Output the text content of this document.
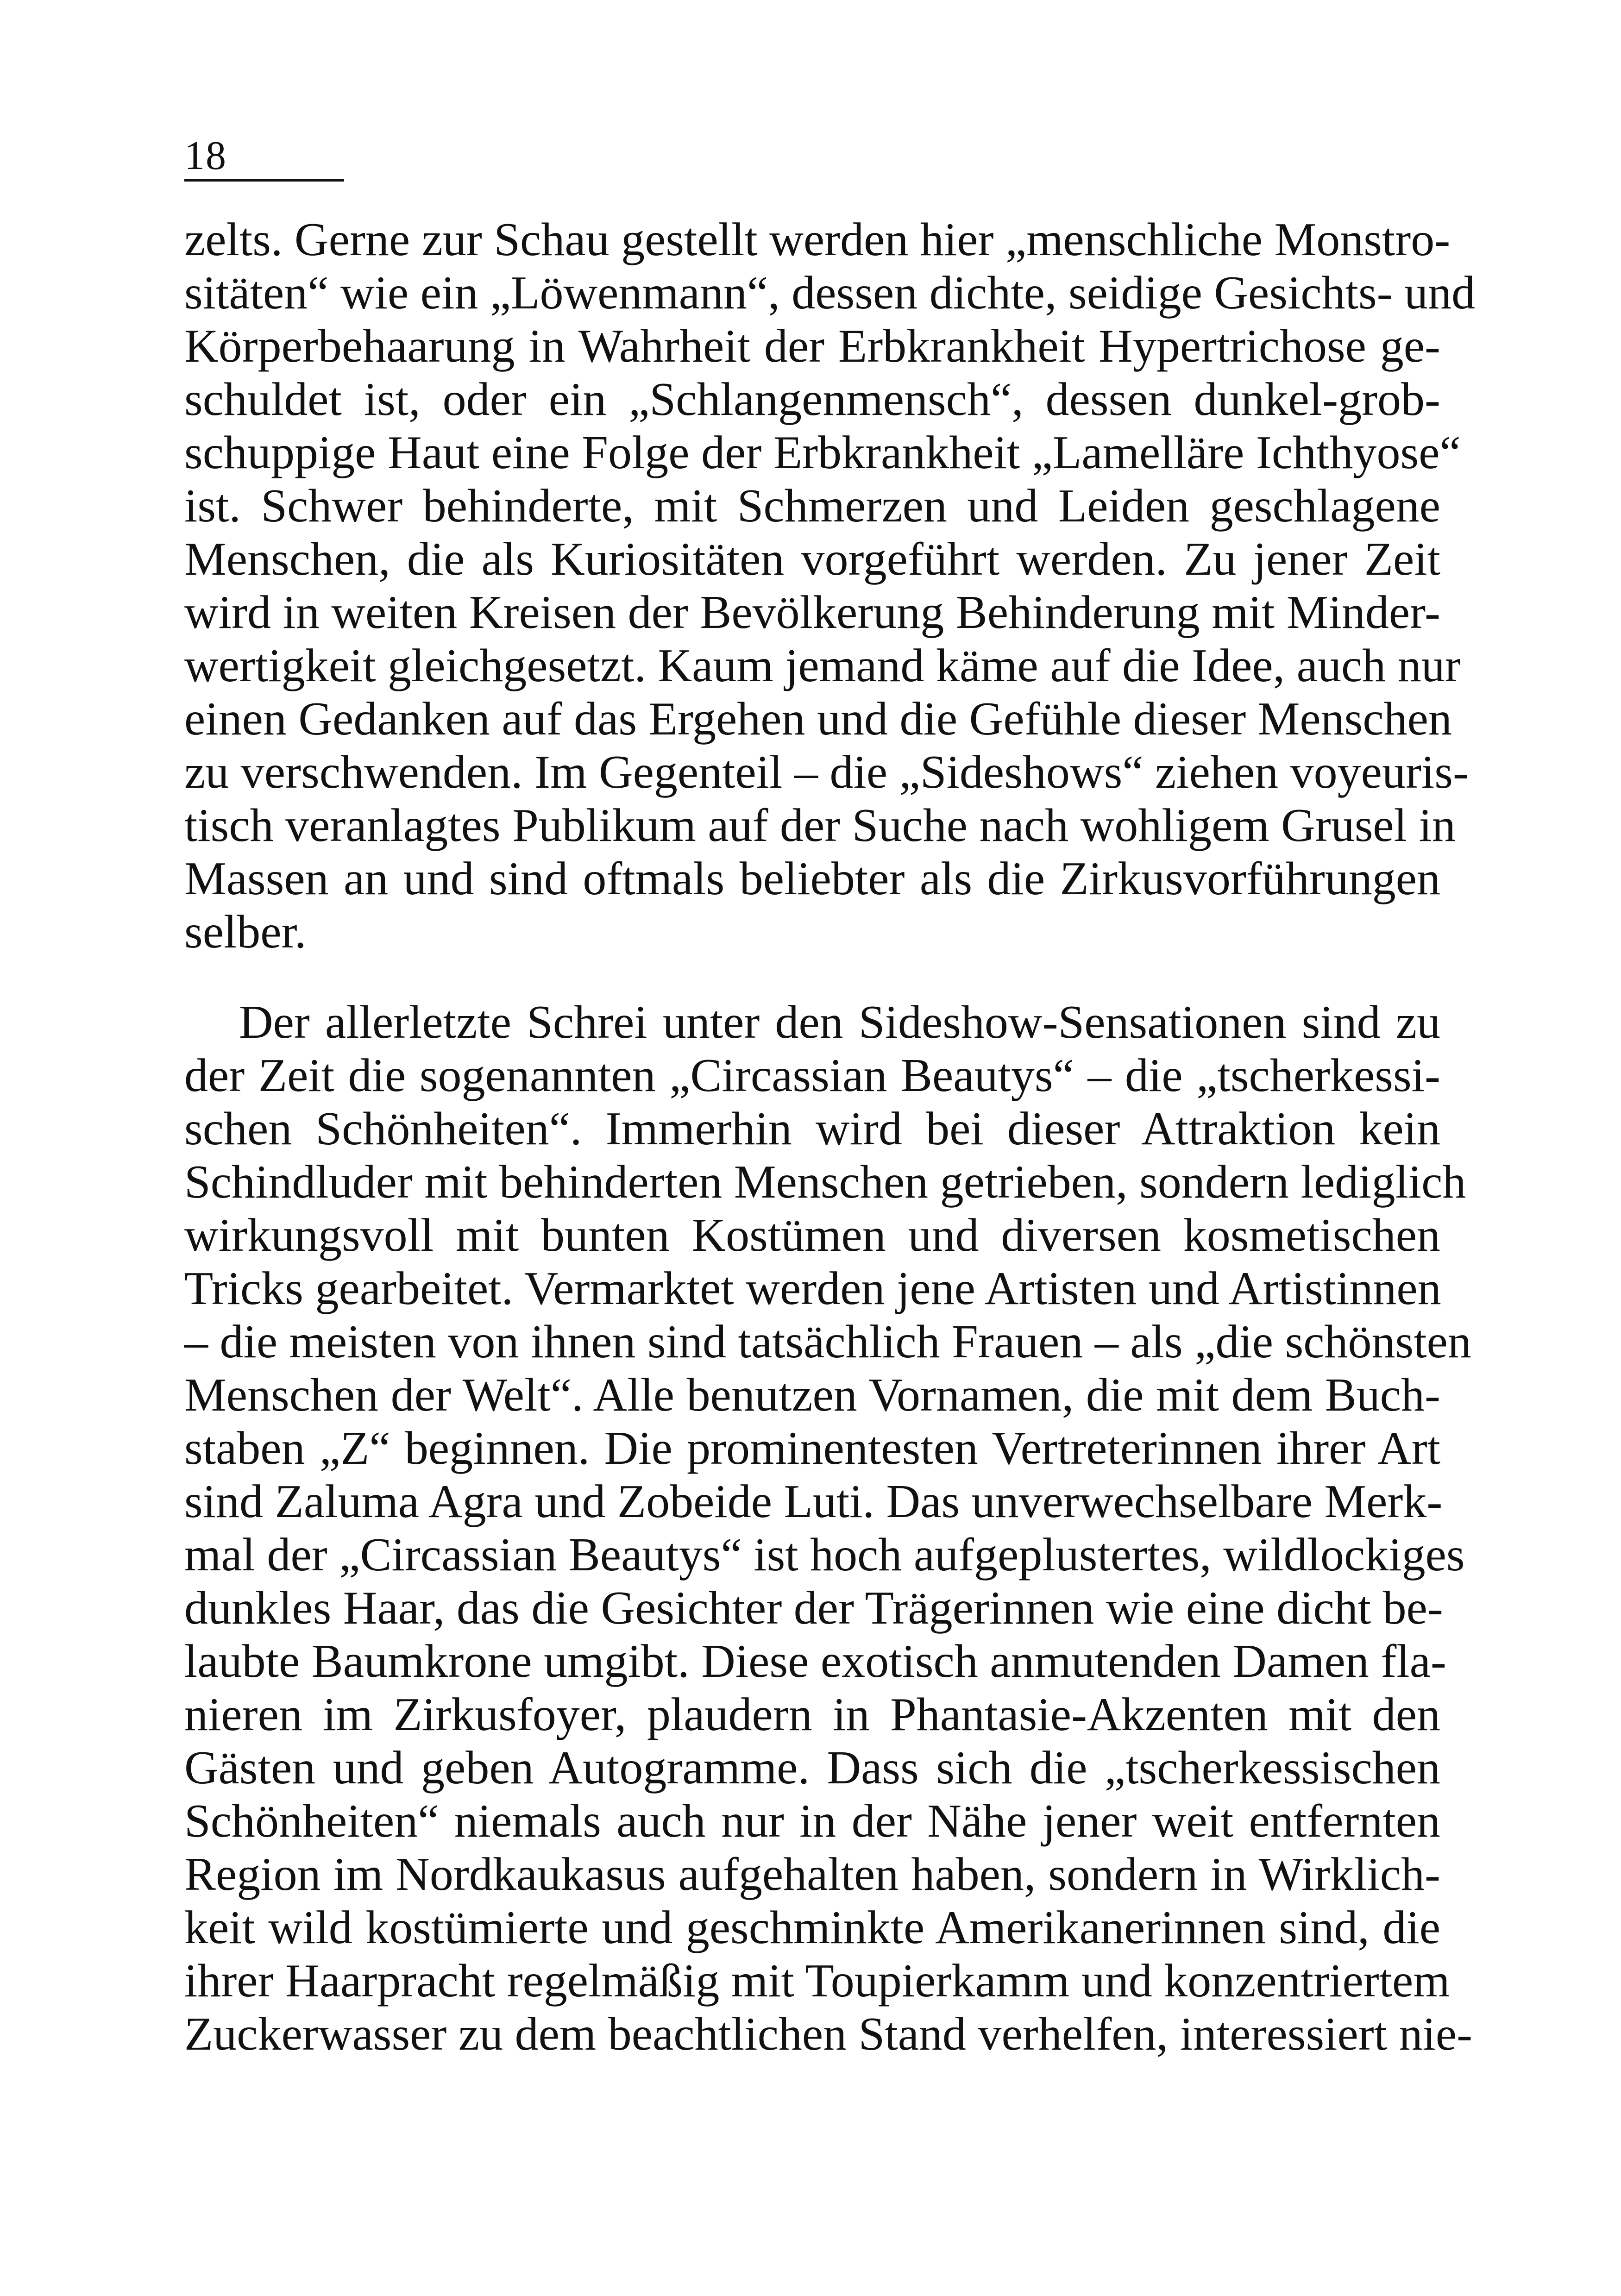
18
zelts. Gerne zur Schau gestellt werden hier „menschliche Monstro-
sitäten“ wie ein „Löwenmann“, dessen dichte, seidige Gesichts- und
Körperbehaarung in Wahrheit der Erbkrankheit Hypertrichose ge-
schuldet ist, oder ein „Schlangenmensch“, dessen dunkel-grob-
schuppige Haut eine Folge der Erbkrankheit „Lamelläre Ichthyose“
ist. Schwer behinderte, mit Schmerzen und Leiden geschlagene
Menschen, die als Kuriositäten vorgeführt werden. Zu jener Zeit
wird in weiten Kreisen der Bevölkerung Behinderung mit Minder-
wertigkeit gleichgesetzt. Kaum jemand käme auf die Idee, auch nur
einen Gedanken auf das Ergehen und die Gefühle dieser Menschen
zu verschwenden. Im Gegenteil – die „Sideshows“ ziehen voyeuris-
tisch veranlagtes Publikum auf der Suche nach wohligem Grusel in
Massen an und sind oftmals beliebter als die Zirkusvorführungen
selber.
Der allerletzte Schrei unter den Sideshow-Sensationen sind zu
der Zeit die sogenannten „Circassian Beautys“ – die „tscherkessi-
schen Schönheiten“. Immerhin wird bei dieser Attraktion kein
Schindluder mit behinderten Menschen getrieben, sondern lediglich
wirkungsvoll mit bunten Kostümen und diversen kosmetischen
Tricks gearbeitet. Vermarktet werden jene Artisten und Artistinnen
– die meisten von ihnen sind tatsächlich Frauen – als „die schönsten
Menschen der Welt“. Alle benutzen Vornamen, die mit dem Buch-
staben „Z“ beginnen. Die prominentesten Vertreterinnen ihrer Art
sind Zaluma Agra und Zobeide Luti. Das unverwechselbare Merk-
mal der „Circassian Beautys“ ist hoch aufgeplustertes, wildlockiges
dunkles Haar, das die Gesichter der Trägerinnen wie eine dicht be-
laubte Baumkrone umgibt. Diese exotisch anmutenden Damen fla-
nieren im Zirkusfoyer, plaudern in Phantasie-Akzenten mit den
Gästen und geben Autogramme. Dass sich die „tscherkessischen
Schönheiten“ niemals auch nur in der Nähe jener weit entfernten
Region im Nordkaukasus aufgehalten haben, sondern in Wirklich-
keit wild kostümierte und geschminkte Amerikanerinnen sind, die
ihrer Haarpracht regelmäßig mit Toupierkamm und konzentriertem
Zuckerwasser zu dem beachtlichen Stand verhelfen, interessiert nie-
